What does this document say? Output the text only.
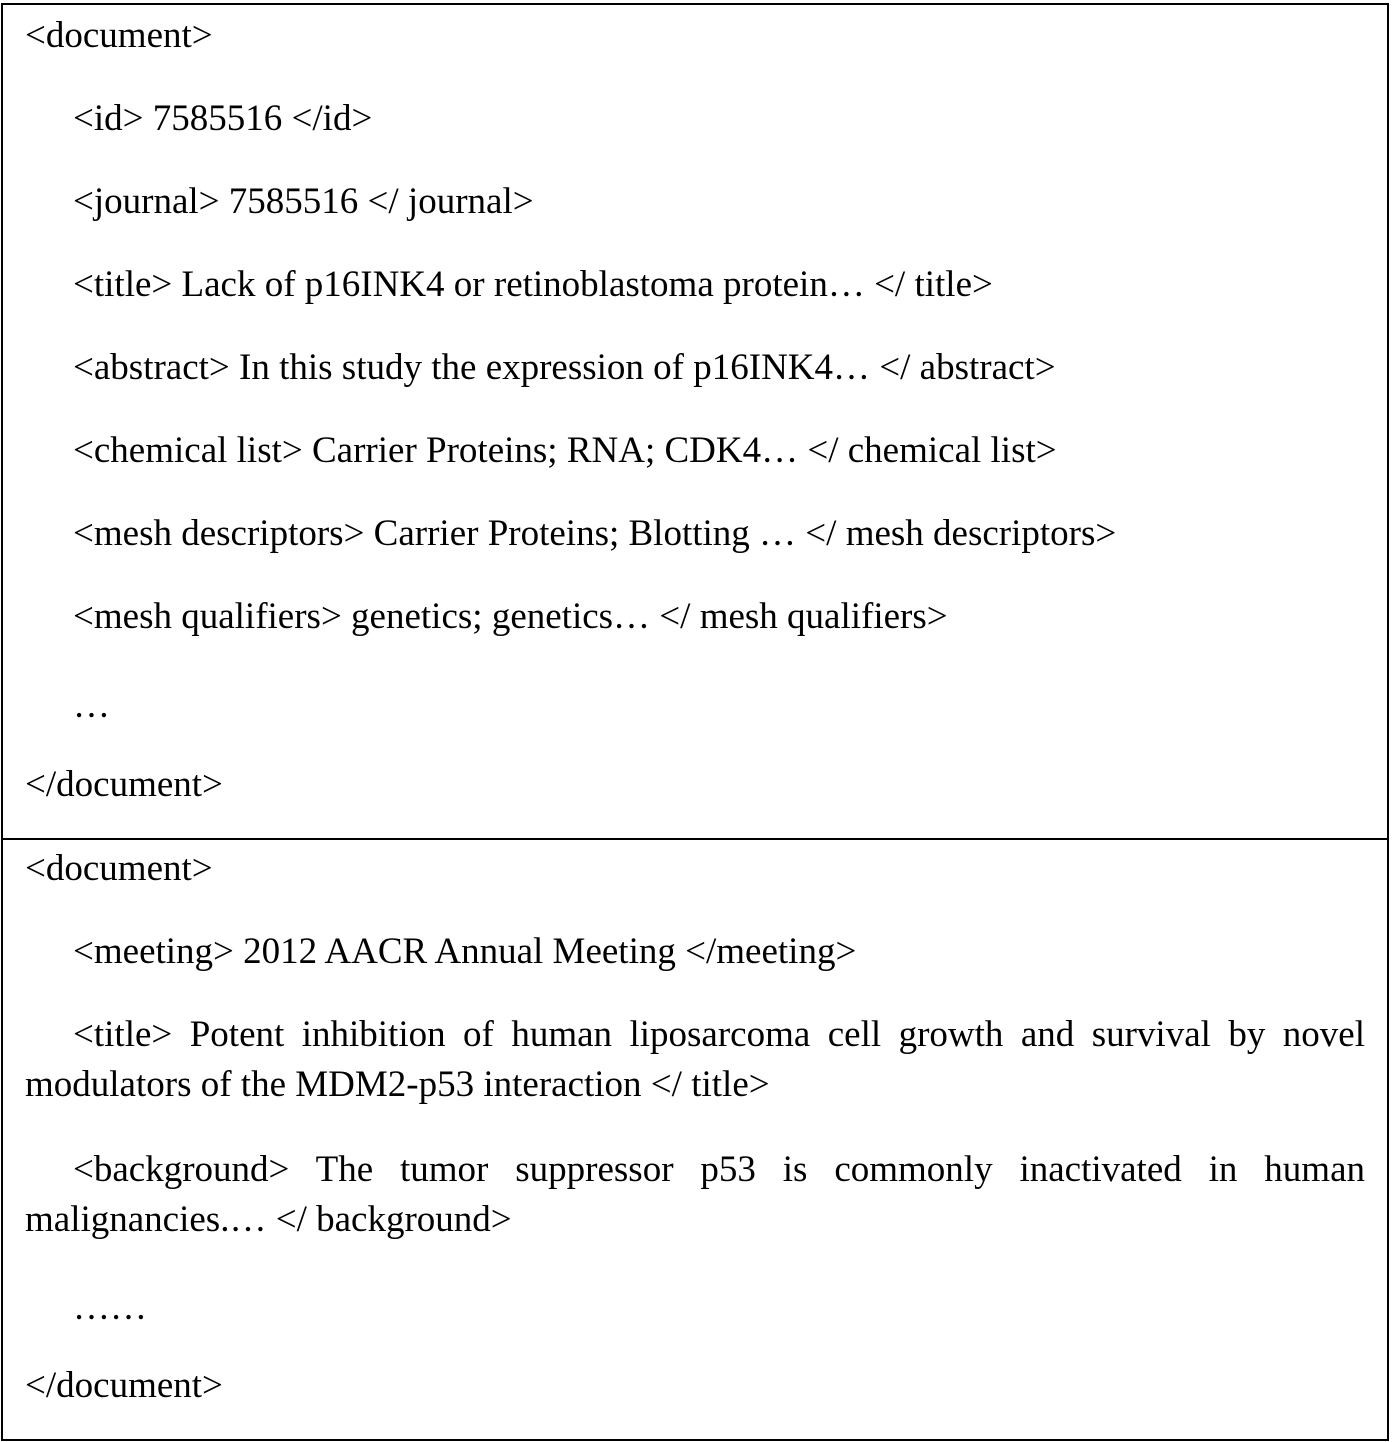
<document>
<id> 7585516 </id>
<journal> 7585516 </ journal>
<title> Lack of p16INK4 or retinoblastoma protein… </ title>
<abstract> In this study the expression of p16INK4… </ abstract>
<chemical list> Carrier Proteins; RNA; CDK4… </ chemical list>
<mesh descriptors> Carrier Proteins; Blotting … </ mesh descriptors>
<mesh qualifiers> genetics; genetics… </ mesh qualifiers>
…
</document>
<document>
<meeting> 2012 AACR Annual Meeting </meeting>
<title> Potent inhibition of human liposarcoma cell growth and survival by novel modulators of the MDM2-p53 interaction </ title>
<background> The tumor suppressor p53 is commonly inactivated in human malignancies.… </ background>
……
</document>
